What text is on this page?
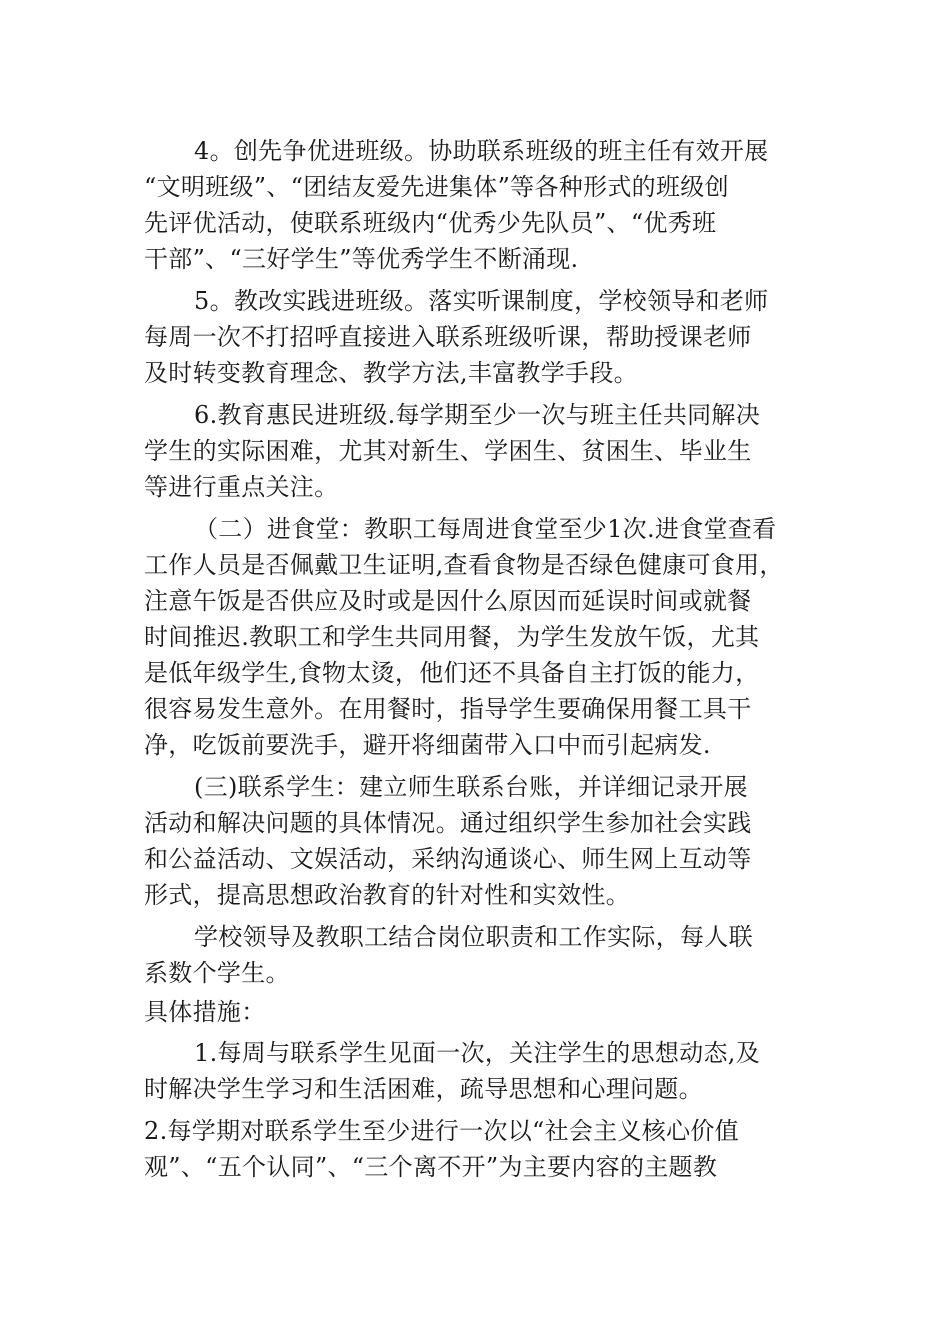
4。创先争优进班级。协助联系班级的班主任有效开展
“文明班级”、“团结友爱先进集体”等各种形式的班级创
先评优活动，使联系班级内“优秀少先队员”、“优秀班
干部”、“三好学生”等优秀学生不断涌现.
5。教改实践进班级。落实听课制度，学校领导和老师
每周一次不打招呼直接进入联系班级听课，帮助授课老师
及时转变教育理念、教学方法,丰富教学手段。
6.教育惠民进班级.每学期至少一次与班主任共同解决
学生的实际困难，尤其对新生、学困生、贫困生、毕业生
等进行重点关注。
（二）进食堂：教职工每周进食堂至少1次.进食堂查看
工作人员是否佩戴卫生证明,查看食物是否绿色健康可食用，
注意午饭是否供应及时或是因什么原因而延误时间或就餐
时间推迟.教职工和学生共同用餐，为学生发放午饭，尤其
是低年级学生,食物太烫，他们还不具备自主打饭的能力，
很容易发生意外。在用餐时，指导学生要确保用餐工具干
净，吃饭前要洗手，避开将细菌带入口中而引起病发.
(三)联系学生：建立师生联系台账，并详细记录开展
活动和解决问题的具体情况。通过组织学生参加社会实践
和公益活动、文娱活动，采纳沟通谈心、师生网上互动等
形式，提高思想政治教育的针对性和实效性。
学校领导及教职工结合岗位职责和工作实际，每人联
系数个学生。
具体措施：
1.每周与联系学生见面一次，关注学生的思想动态,及
时解决学生学习和生活困难，疏导思想和心理问题。
2.每学期对联系学生至少进行一次以“社会主义核心价值
观”、“五个认同”、“三个离不开”为主要内容的主题教
